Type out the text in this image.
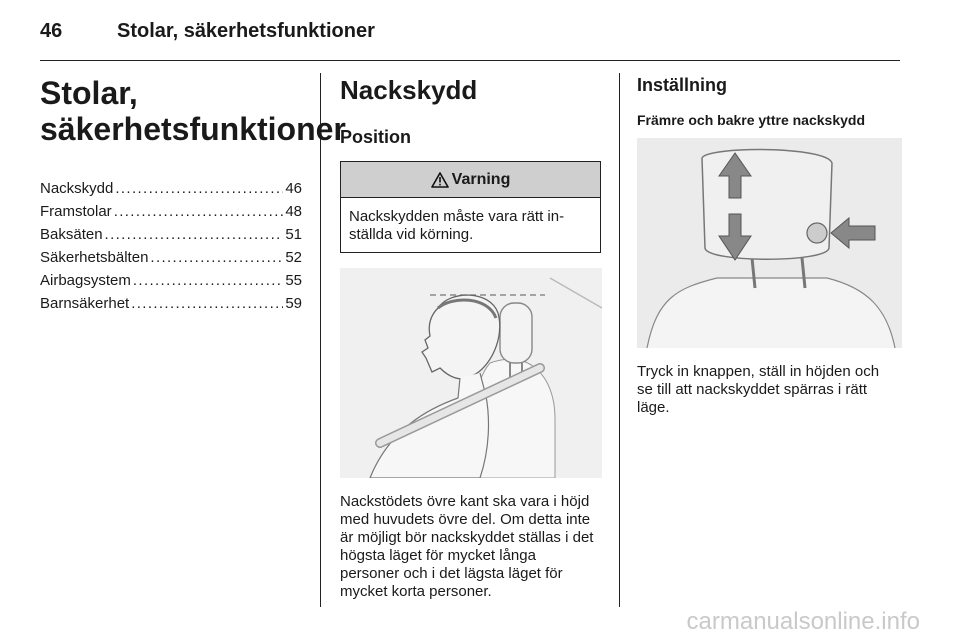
46	Stolar, säkerhetsfunktioner
Stolar,
säkerhetsfunktioner
Nackskydd . . .	46
Framstolar . . .	48
Baksäten . . .	51
Säkerhetsbälten . . .	52
Airbagsystem . . .	55
Barnsäkerhet . . .	59
Nackskydd
Position
Varning
Nackskydden måste vara rätt in-
ställda vid körning.
Nackstödets övre kant ska vara i höjd
med huvudets övre del. Om detta inte
är möjligt bör nackskyddet ställas i det
högsta läget för mycket långa
personer och i det lägsta läget för
mycket korta personer.
Inställning
Främre och bakre yttre nackskydd
Tryck in knappen, ställ in höjden och
se till att nackskyddet spärras i rätt
läge.
carmanualsonline.info
